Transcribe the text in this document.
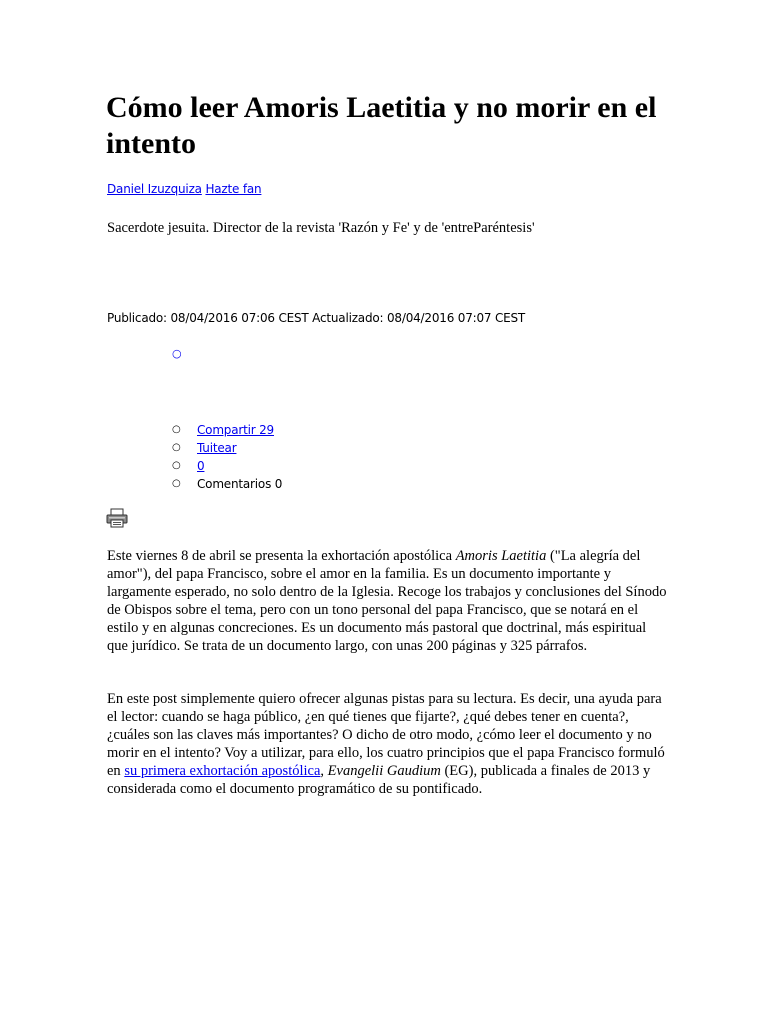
Cómo leer Amoris Laetitia y no morir en el intento
Daniel Izuzquiza Hazte fan
Sacerdote jesuita. Director de la revista 'Razón y Fe' y de 'entreParéntesis'
Publicado: 08/04/2016 07:06 CEST Actualizado: 08/04/2016 07:07 CEST
○
○ Compartir 29
○ Tuitear
○ 0
○ Comentarios 0

Este viernes 8 de abril se presenta la exhortación apostólica Amoris Laetitia ("La alegría del amor"), del papa Francisco, sobre el amor en la familia. Es un documento importante y largamente esperado, no solo dentro de la Iglesia. Recoge los trabajos y conclusiones del Sínodo de Obispos sobre el tema, pero con un tono personal del papa Francisco, que se notará en el estilo y en algunas concreciones. Es un documento más pastoral que doctrinal, más espiritual que jurídico. Se trata de un documento largo, con unas 200 páginas y 325 párrafos.

En este post simplemente quiero ofrecer algunas pistas para su lectura. Es decir, una ayuda para el lector: cuando se haga público, ¿en qué tienes que fijarte?, ¿qué debes tener en cuenta?, ¿cuáles son las claves más importantes? O dicho de otro modo, ¿cómo leer el documento y no morir en el intento? Voy a utilizar, para ello, los cuatro principios que el papa Francisco formuló en su primera exhortación apostólica, Evangelii Gaudium (EG), publicada a finales de 2013 y considerada como el documento programático de su pontificado.
